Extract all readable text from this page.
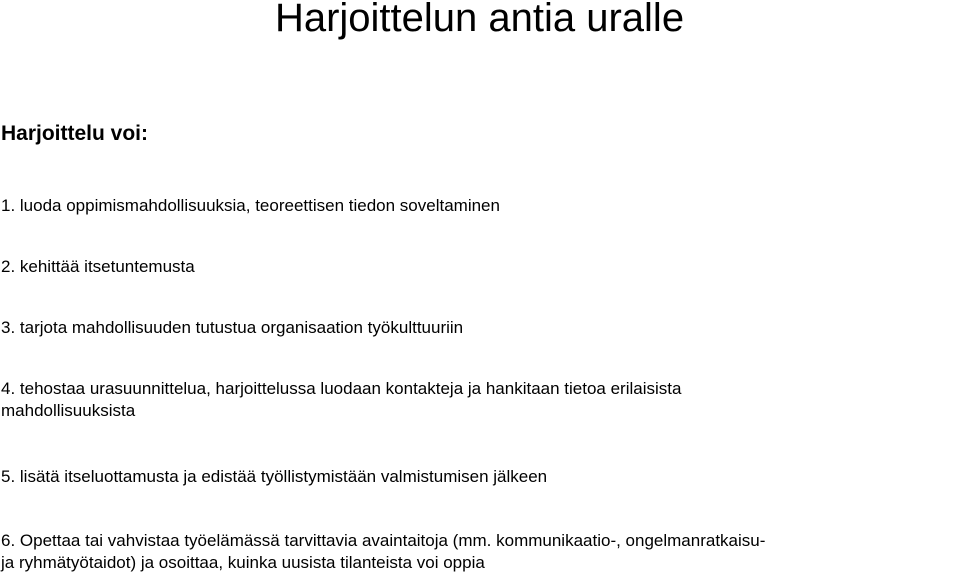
Harjoittelun antia uralle
Harjoittelu voi:
1. luoda oppimismahdollisuuksia, teoreettisen tiedon soveltaminen
2. kehittää itsetuntemusta
3. tarjota mahdollisuuden tutustua organisaation työkulttuuriin
4. tehostaa urasuunnittelua, harjoittelussa luodaan kontakteja ja hankitaan tietoa erilaisista
mahdollisuuksista
5. lisätä itseluottamusta ja edistää työllistymistään valmistumisen jälkeen
6. Opettaa tai vahvistaa työelämässä tarvittavia avaintaitoja (mm. kommunikaatio-, ongelmanratkaisu-
ja ryhmätyötaidot) ja osoittaa, kuinka uusista tilanteista voi oppia
